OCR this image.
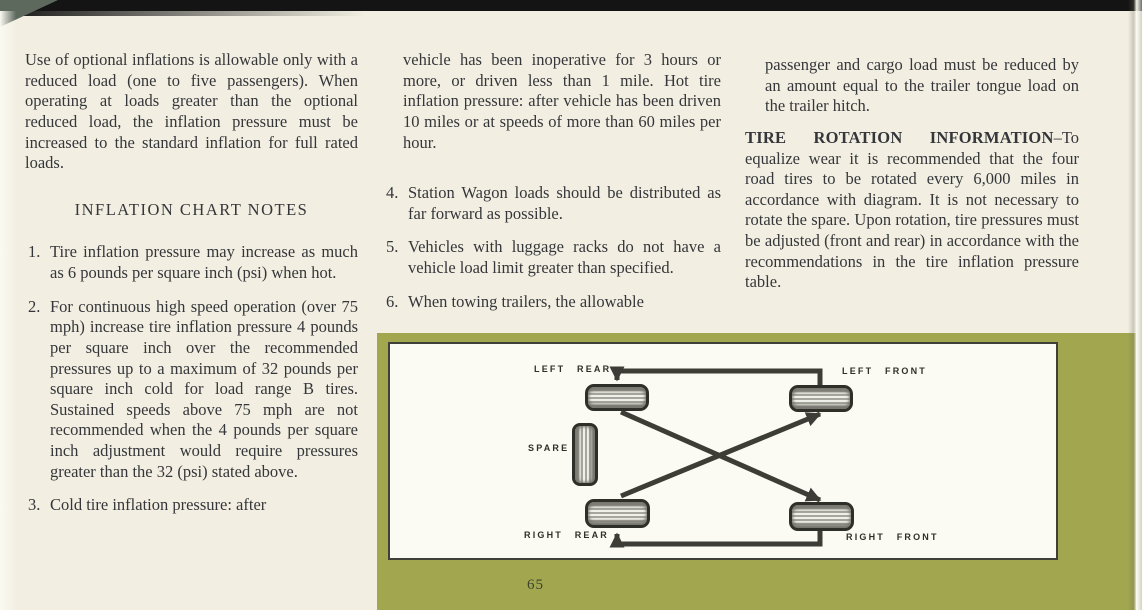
Use of optional inflations is allowable only with a reduced load (one to five passengers). When operating at loads greater than the optional reduced load, the inflation pressure must be increased to the standard inflation for full rated loads.

INFLATION CHART NOTES
1. Tire inflation pressure may increase as much as 6 pounds per square inch (psi) when hot.
2. For continuous high speed operation (over 75 mph) increase tire inflation pressure 4 pounds per square inch over the recommended pressures up to a maximum of 32 pounds per square inch cold for load range B tires. Sustained speeds above 75 mph are not recommended when the 4 pounds per square inch adjustment would require pressures greater than the 32 (psi) stated above.
3. Cold tire inflation pressure: after

vehicle has been inoperative for 3 hours or more, or driven less than 1 mile. Hot tire inflation pressure: after vehicle has been driven 10 miles or at speeds of more than 60 miles per hour.

4. Station Wagon loads should be distributed as far forward as possible.
5. Vehicles with luggage racks do not have a vehicle load limit greater than specified.
6. When towing trailers, the allowable

passenger and cargo load must be reduced by an amount equal to the trailer tongue load on the trailer hitch.

TIRE ROTATION INFORMATION–To equalize wear it is recommended that the four road tires to be rotated every 6,000 miles in accordance with diagram. It is not necessary to rotate the spare. Upon rotation, tire pressures must be adjusted (front and rear) in accordance with the recommendations in the tire inflation pressure table.

LEFT REAR	LEFT FRONT
SPARE
RIGHT REAR	RIGHT FRONT
65
